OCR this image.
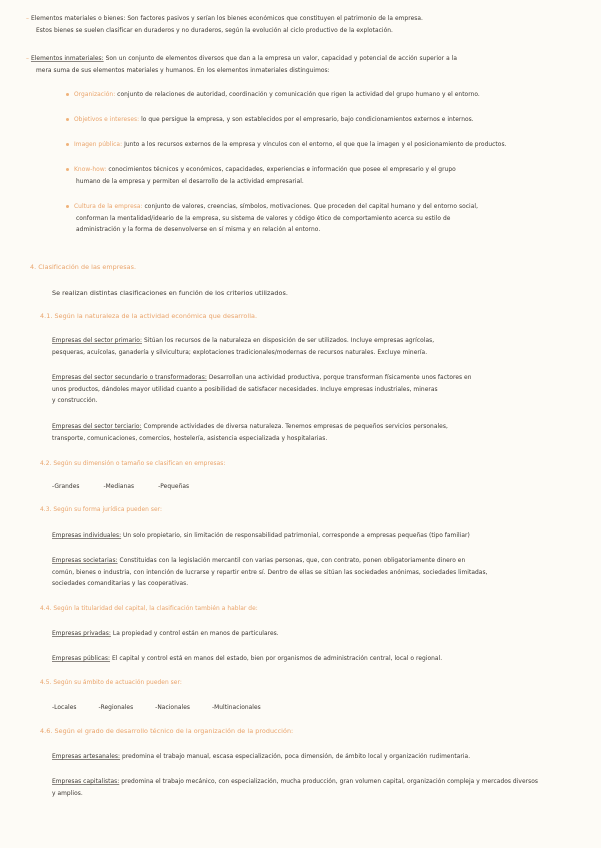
– Elementos materiales o bienes: Son factores pasivos y serían los bienes económicos que constituyen el patrimonio de la empresa.
Estos bienes se suelen clasificar en duraderos y no duraderos, según la evolución al ciclo productivo de la explotación.
– Elementos inmateriales: Son un conjunto de elementos diversos que dan a la empresa un valor, capacidad y potencial de acción superior a la
mera suma de sus elementos materiales y humanos. En los elementos inmateriales distinguimos:
Organización: conjunto de relaciones de autoridad, coordinación y comunicación que rigen la actividad del grupo humano y el entorno.
Objetivos e intereses: lo que persigue la empresa, y son establecidos por el empresario, bajo condicionamientos externos e internos.
Imagen pública: Junto a los recursos externos de la empresa y vínculos con el entorno, el que que la imagen y el posicionamiento de productos.
Know-how: conocimientos técnicos y económicos, capacidades, experiencias e información que posee el empresario y el grupo
humano de la empresa y permiten el desarrollo de la actividad empresarial.
Cultura de la empresa: conjunto de valores, creencias, símbolos, motivaciones. Que proceden del capital humano y del entorno social,
conforman la mentalidad/ideario de la empresa, su sistema de valores y código ético de comportamiento acerca su estilo de
administración y la forma de desenvolverse en sí misma y en relación al entorno.
4. Clasificación de las empresas.
Se realizan distintas clasificaciones en función de los criterios utilizados.
4.1. Según la naturaleza de la actividad económica que desarrolla.
Empresas del sector primario: Sitúan los recursos de la naturaleza en disposición de ser utilizados. Incluye empresas agrícolas,
pesqueras, acuícolas, ganadería y silvicultura; explotaciones tradicionales/modernas de recursos naturales. Excluye minería.
Empresas del sector secundario o transformadoras: Desarrollan una actividad productiva, porque transforman físicamente unos factores en
unos productos, dándoles mayor utilidad cuanto a posibilidad de satisfacer necesidades. Incluye empresas industriales, mineras
y construcción.
Empresas del sector terciario: Comprende actividades de diversa naturaleza. Tenemos empresas de pequeños servicios personales,
transporte, comunicaciones, comercios, hostelería, asistencia especializada y hospitalarias.
4.2. Según su dimensión o tamaño se clasifican en empresas:
-Grandes	-Medianas	-Pequeñas
4.3. Según su forma jurídica pueden ser:
Empresas individuales: Un solo propietario, sin limitación de responsabilidad patrimonial, corresponde a empresas pequeñas (tipo familiar)
Empresas societarias: Constituidas con la legislación mercantil con varias personas, que, con contrato, ponen obligatoriamente dinero en
común, bienes o industria, con intención de lucrarse y repartir entre sí. Dentro de ellas se sitúan las sociedades anónimas, sociedades limitadas,
sociedades comanditarias y las cooperativas.
4.4. Según la titularidad del capital, la clasificación también a hablar de:
Empresas privadas: La propiedad y control están en manos de particulares.
Empresas públicas: El capital y control está en manos del estado, bien por organismos de administración central, local o regional.
4.5. Según su ámbito de actuación pueden ser:
-Locales	-Regionales	-Nacionales	-Multinacionales
4.6. Según el grado de desarrollo técnico de la organización de la producción:
Empresas artesanales: predomina el trabajo manual, escasa especialización, poca dimensión, de ámbito local y organización rudimentaria.
Empresas capitalistas: predomina el trabajo mecánico, con especialización, mucha producción, gran volumen capital, organización compleja y mercados diversos
y amplios.
